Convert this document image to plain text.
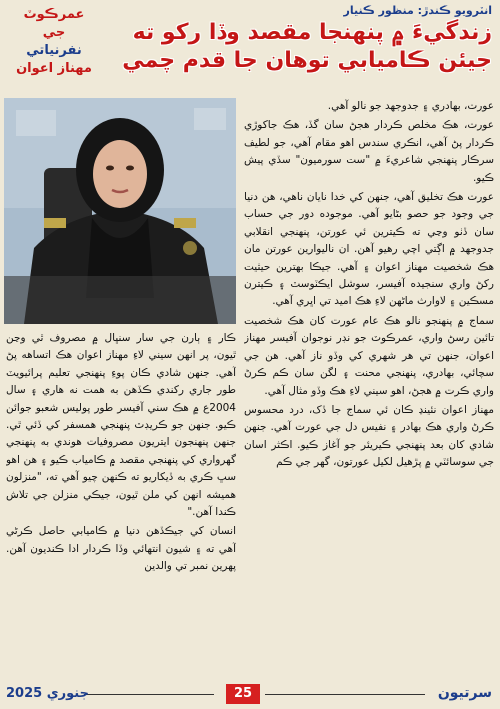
عمرڪوٽ جي
نفرنياتي
مهناز اعوان
انٽرويو ڪندڙ: منظور ڪنيار
زندگيءَ ۾ پنهنجا مقصد وڏا رکو ته
جيئن ڪاميابي توهان جا قدم چمي

عورت، بهادري ۽ جدوجهد جو نالو آهي.

عورت، هڪ مخلص ڪردار هجڻ سان گڏ، هڪ جاکوڙي ڪردار پڻ آهي، انڪري سندس اهو مقام آهي، جو لطيف سرڪار پنهنجي شاعريءَ ۾ "ست سورميون" سڏي پيش ڪيو.

عورت هڪ تخليق آهي، جنهن کي خدا نايان ناهي، هن دنيا جي وجود جو حصو بڻايو آهي. موجوده دور جي حساب سان ڏٺو وڃي ته ڪيترين ئي عورتن، پنهنجي انقلابي جدوجهد ۾ اڳتي اچي رهيو آهن. ان ناليوارين عورتن مان هڪ شخصيت مهناز اعوان ۽ آهي. جيڪا بهترين حيثيت رکڻ واري سنجيده آفيسر، سوشل ايڪٽوسٽ ۽ ڪيترن مسڪين ۽ لاوارث ماڻهن لاءِ هڪ اميد تي اڀري آهي.

سماج ۾ پنهنجو نالو هڪ عام عورت کان هڪ شخصيت تائين رسڻ واري، عمرڪوٽ جو نڊر نوجوان آفيسر مهناز اعوان، جنهن تي هر شهري کي وڏو ناز آهي. هن جي سچائي، بهادري، پنهنجي محنت ۽ لگن سان ڪم ڪرڻ واري ڪرت ۾ هجڻ، اهو سيني لاءِ هڪ وڏو مثال آهي.

مهناز اعوان نئينڍ ڪان ئي سماج جا ڏک، درد محسوس ڪرڻ واري هڪ بهادر ۽ نفيس دل جي عورت آهي. جنهن شادي کان بعد پنهنجي ڪيريئر جو آغاز ڪيو. اڪثر اسان جي سوسائٽي ۾ پڙهيل لکيل عورتون، گهر جي ڪم

ڪار ۽ ٻارن جي سار سنڀال ۾ مصروف ٿي وڃن ٿيون، پر انهن سيني لاءِ مهناز اعوان هڪ اتساهه پڻ آهي. جنهن شادي ڪان پوءِ پنهنجي تعليم پرائيويٽ طور جاري رکندي ڪڏهن به همت نه هاري ۽ سال 2004ع ۾ هڪ سني آفيسر طور پوليس شعبو جوائن ڪيو. جنهن جو ڪريڊٽ پنهنجي همسفر کي ڏئي ٿي. جنهن پنهنجون ايتريون مصروفيات هوندي به پنهنجي گهرواري کي پنهنجي مقصد ۾ ڪامياب ڪيو ۽ هن اهو سڀ ڪري به ڏيکاريو ته ڪنهن چيو آهي ته، "منزلون هميشه انهن کي ملن ٿيون، جيڪي منزلن جي تلاش ڪندا آهن."

انسان کي جيڪڏهن دنيا ۾ ڪاميابي حاصل ڪرڻي آهي ته ۽ شيون انتهائي وڏا ڪردار ادا ڪنديون آهن. پهرين نمبر تي والدين

جنوري 2025	25	سرتيون
